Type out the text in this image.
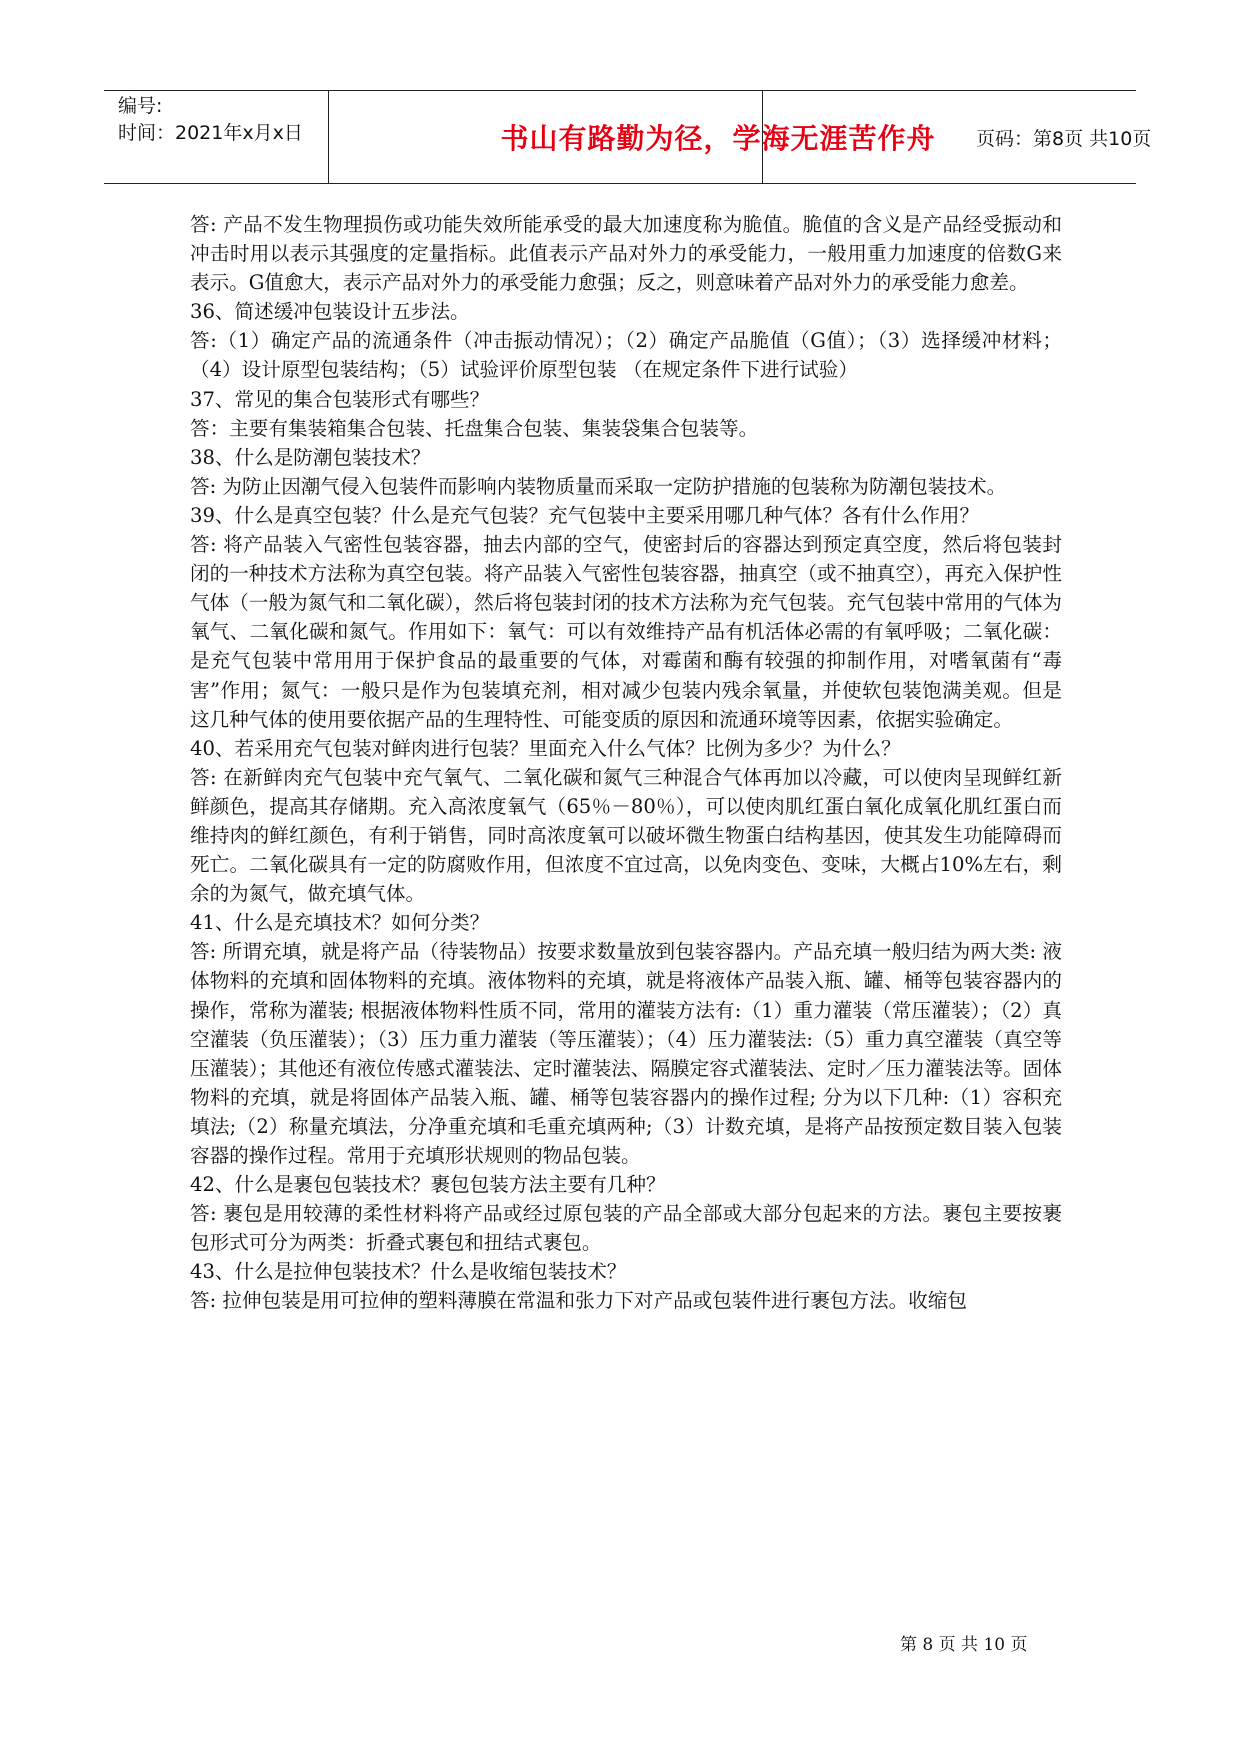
编号:
时间：2021年x月x日	书山有路勤为径，学海无涯苦作舟	页码：第8页 共10页

答: 产品不发生物理损伤或功能失效所能承受的最大加速度称为脆值。脆值的含义是产品经受振动和冲击时用以表示其强度的定量指标。此值表示产品对外力的承受能力，一般用重力加速度的倍数G来表示。G值愈大，表示产品对外力的承受能力愈强；反之，则意味着产品对外力的承受能力愈差。

36、简述缓冲包装设计五步法。

答:（1）确定产品的流通条件（冲击振动情况）；（2）确定产品脆值（G值）；（3）选择缓冲材料；（4）设计原型包装结构；（5）试验评价原型包装 （在规定条件下进行试验）

37、常见的集合包装形式有哪些？

答：主要有集装箱集合包装、托盘集合包装、集装袋集合包装等。

38、什么是防潮包装技术？

答: 为防止因潮气侵入包装件而影响内装物质量而采取一定防护措施的包装称为防潮包装技术。

39、什么是真空包装？什么是充气包装？充气包装中主要采用哪几种气体？各有什么作用？

答: 将产品装入气密性包装容器，抽去内部的空气，使密封后的容器达到预定真空度，然后将包装封闭的一种技术方法称为真空包装。将产品装入气密性包装容器，抽真空（或不抽真空），再充入保护性气体（一般为氮气和二氧化碳），然后将包装封闭的技术方法称为充气包装。充气包装中常用的气体为氧气、二氧化碳和氮气。作用如下：氧气：可以有效维持产品有机活体必需的有氧呼吸；二氧化碳：是充气包装中常用用于保护食品的最重要的气体，对霉菌和酶有较强的抑制作用，对嗜氧菌有“毒害”作用；氮气：一般只是作为包装填充剂，相对减少包装内残余氧量，并使软包装饱满美观。但是这几种气体的使用要依据产品的生理特性、可能变质的原因和流通环境等因素，依据实验确定。

40、若采用充气包装对鲜肉进行包装？里面充入什么气体？比例为多少？为什么？

答: 在新鲜肉充气包装中充气氧气、二氧化碳和氮气三种混合气体再加以冷藏，可以使肉呈现鲜红新鲜颜色，提高其存储期。充入高浓度氧气（65％－80％），可以使肉肌红蛋白氧化成氧化肌红蛋白而维持肉的鲜红颜色，有利于销售，同时高浓度氧可以破坏微生物蛋白结构基因，使其发生功能障碍而死亡。二氧化碳具有一定的防腐败作用，但浓度不宜过高，以免肉变色、变味，大概占10%左右，剩余的为氮气，做充填气体。

41、什么是充填技术？如何分类？

答: 所谓充填，就是将产品（待装物品）按要求数量放到包装容器内。产品充填一般归结为两大类: 液体物料的充填和固体物料的充填。液体物料的充填，就是将液体产品装入瓶、罐、桶等包装容器内的操作，常称为灌装; 根据液体物料性质不同，常用的灌装方法有:（1）重力灌装（常压灌装）；（2）真空灌装（负压灌装）；（3）压力重力灌装（等压灌装）；（4）压力灌装法:（5）重力真空灌装（真空等压灌装）；其他还有液位传感式灌装法、定时灌装法、隔膜定容式灌装法、定时／压力灌装法等。固体物料的充填，就是将固体产品装入瓶、罐、桶等包装容器内的操作过程; 分为以下几种:（1）容积充填法;（2）称量充填法，分净重充填和毛重充填两种;（3）计数充填，是将产品按预定数目装入包装容器的操作过程。常用于充填形状规则的物品包装。

42、什么是裹包包装技术？裹包包装方法主要有几种？

答: 裹包是用较薄的柔性材料将产品或经过原包装的产品全部或大部分包起来的方法。裹包主要按裹包形式可分为两类：折叠式裹包和扭结式裹包。

43、什么是拉伸包装技术？什么是收缩包装技术？

答: 拉伸包装是用可拉伸的塑料薄膜在常温和张力下对产品或包装件进行裹包方法。收缩包

第 8 页 共 10 页
